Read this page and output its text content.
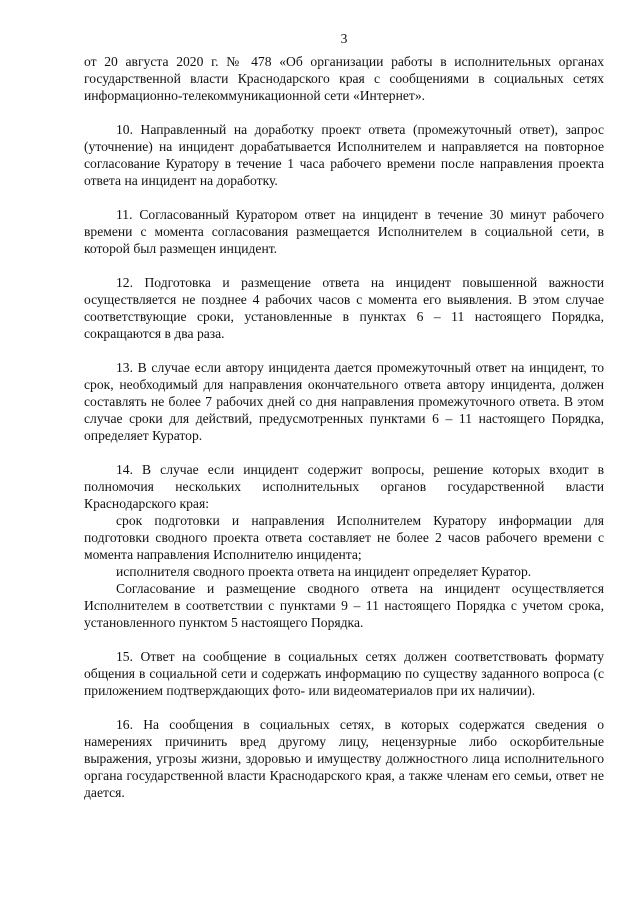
3

от 20 августа 2020 г. № 478 «Об организации работы в исполнительных органах государственной власти Краснодарского края с сообщениями в социальных сетях информационно-телекоммуникационной сети «Интернет».

10. Направленный на доработку проект ответа (промежуточный ответ), запрос (уточнение) на инцидент дорабатывается Исполнителем и направляется на повторное согласование Куратору в течение 1 часа рабочего времени после направления проекта ответа на инцидент на доработку.

11. Согласованный Куратором ответ на инцидент в течение 30 минут рабочего времени с момента согласования размещается Исполнителем в социальной сети, в которой был размещен инцидент.

12. Подготовка и размещение ответа на инцидент повышенной важности осуществляется не позднее 4 рабочих часов с момента его выявления. В этом случае соответствующие сроки, установленные в пунктах 6 – 11 настоящего Порядка, сокращаются в два раза.

13. В случае если автору инцидента дается промежуточный ответ на инцидент, то срок, необходимый для направления окончательного ответа автору инцидента, должен составлять не более 7 рабочих дней со дня направления промежуточного ответа. В этом случае сроки для действий, предусмотренных пунктами 6 – 11 настоящего Порядка, определяет Куратор.

14. В случае если инцидент содержит вопросы, решение которых входит в полномочия нескольких исполнительных органов государственной власти Краснодарского края:

срок подготовки и направления Исполнителем Куратору информации для подготовки сводного проекта ответа составляет не более 2 часов рабочего времени с момента направления Исполнителю инцидента;

исполнителя сводного проекта ответа на инцидент определяет Куратор.

Согласование и размещение сводного ответа на инцидент осуществляется Исполнителем в соответствии с пунктами 9 – 11 настоящего Порядка с учетом срока, установленного пунктом 5 настоящего Порядка.

15. Ответ на сообщение в социальных сетях должен соответствовать формату общения в социальной сети и содержать информацию по существу заданного вопроса (с приложением подтверждающих фото- или видеоматериалов при их наличии).

16. На сообщения в социальных сетях, в которых содержатся сведения о намерениях причинить вред другому лицу, нецензурные либо оскорбительные выражения, угрозы жизни, здоровью и имуществу должностного лица исполнительного органа государственной власти Краснодарского края, а также членам его семьи, ответ не дается.
